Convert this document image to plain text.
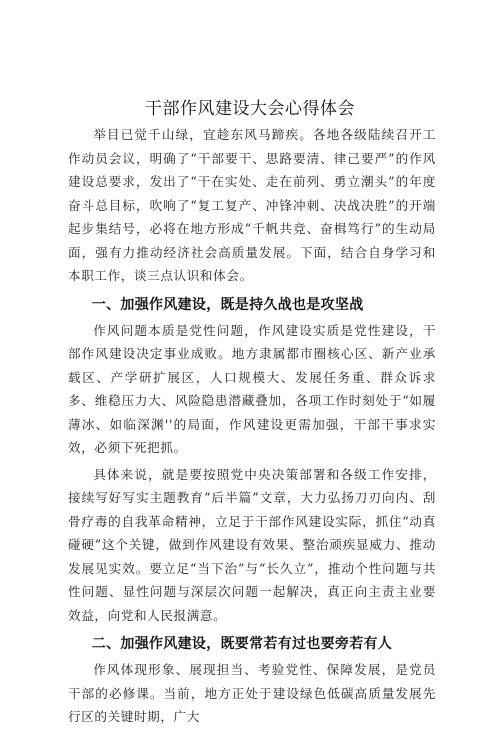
干部作风建设大会心得体会

举目已觉千山绿，宜趁东风马蹄疾。各地各级陆续召开工作动员会议，明确了“干部要干、思路要清、律己要严”的作风建设总要求，发出了“干在实处、走在前列、勇立潮头”的年度奋斗总目标，吹响了“复工复产、冲锋冲刺、决战决胜”的开端起步集结号，必将在地方形成“千帆共竞、奋楫笃行”的生动局面，强有力推动经济社会高质量发展。下面，结合自身学习和本职工作，谈三点认识和体会。

一、加强作风建设，既是持久战也是攻坚战

作风问题本质是党性问题，作风建设实质是党性建设，干部作风建设决定事业成败。地方隶属都市圈核心区、新产业承载区、产学研扩展区，人口规模大、发展任务重、群众诉求多、维稳压力大、风险隐患潜藏叠加，各项工作时刻处于“如履薄冰、如临深渊''的局面，作风建设更需加强，干部干事求实效，必须下死把抓。

具体来说，就是要按照党中央决策部署和各级工作安排，接续写好写实主题教育“后半篇”文章，大力弘扬刀刃向内、刮骨疗毒的自我革命精神，立足于干部作风建设实际，抓住“动真碰硬”这个关键，做到作风建设有效果、整治顽疾显威力、推动发展见实效。要立足“当下治”与“长久立”，推动个性问题与共性问题、显性问题与深层次问题一起解决，真正向主责主业要效益，向党和人民报满意。

二、加强作风建设，既要常若有过也要旁若有人

作风体现形象、展现担当、考验党性、保障发展，是党员干部的必修课。当前，地方正处于建设绿色低碳高质量发展先行区的关键时期，广大
